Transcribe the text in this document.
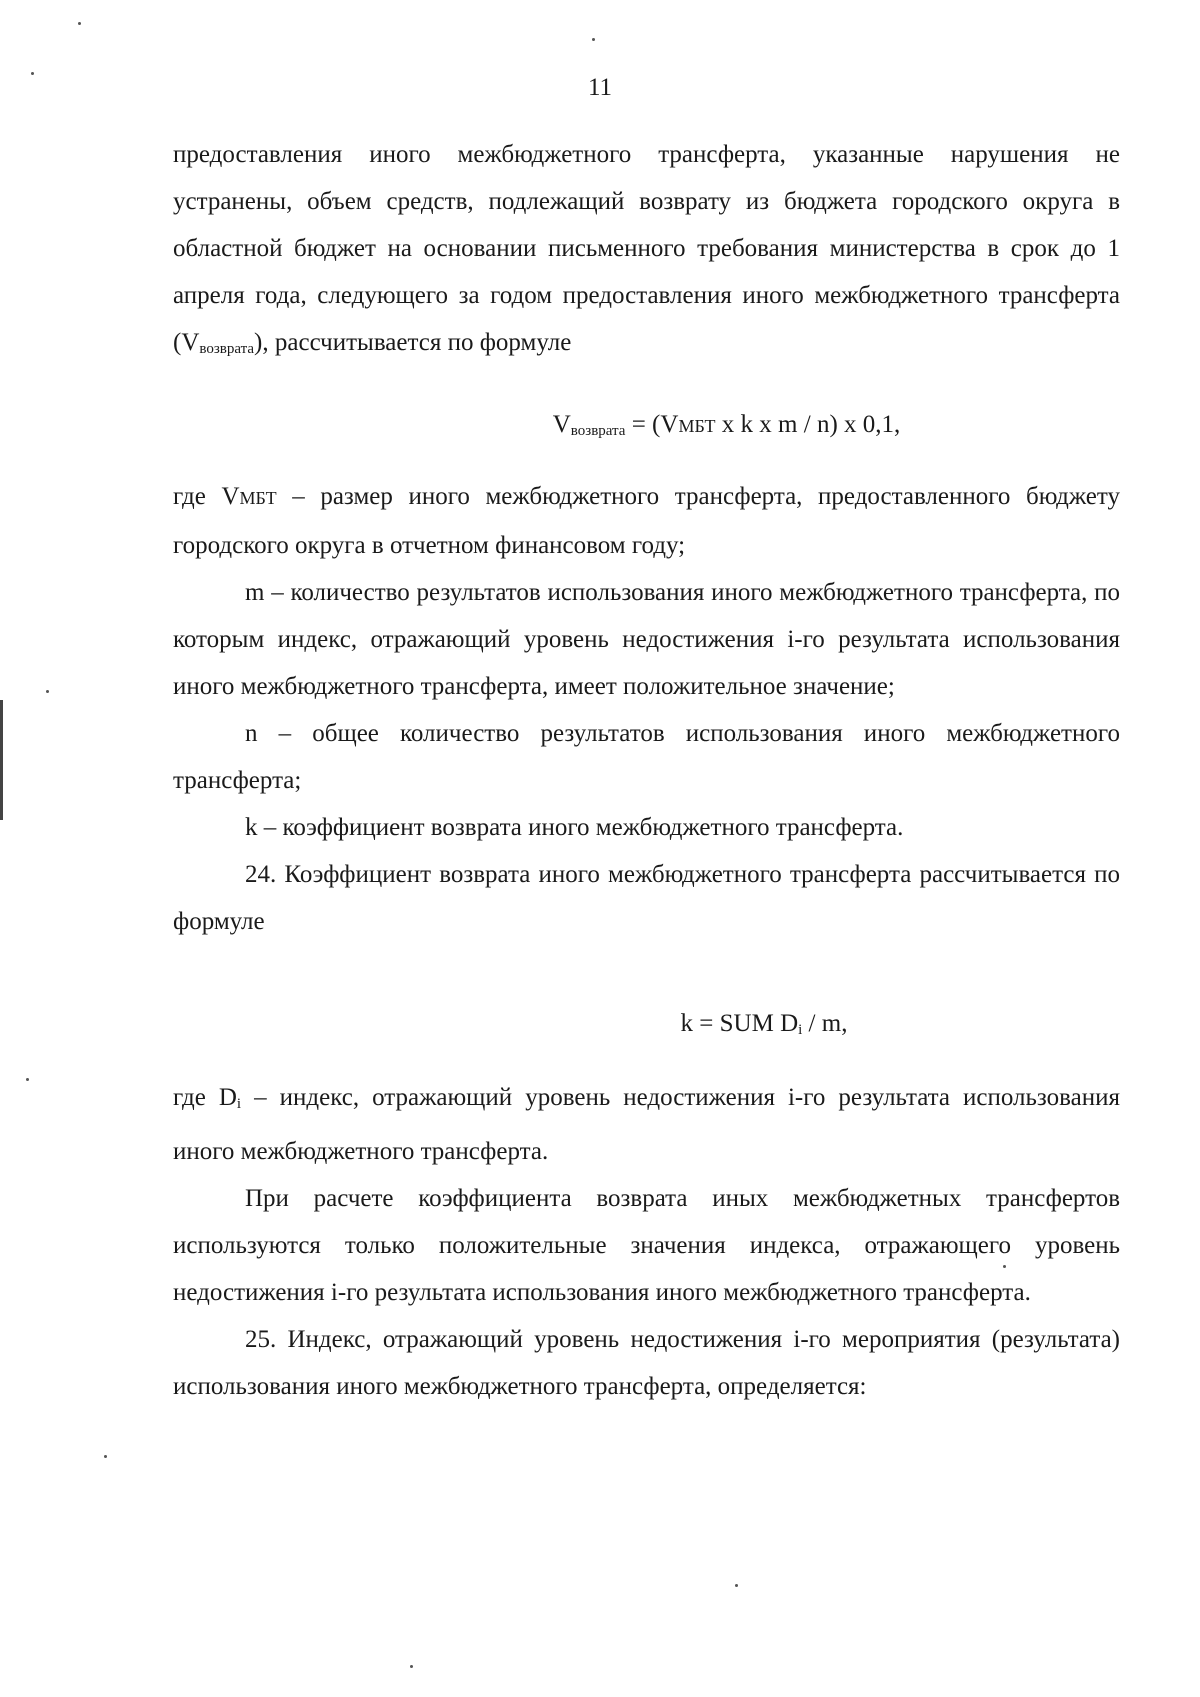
11

предоставления иного межбюджетного трансферта, указанные нарушения не устранены, объем средств, подлежащий возврату из бюджета городского округа в областной бюджет на основании письменного требования министерства в срок до 1 апреля года, следующего за годом предоставления иного межбюджетного трансферта $(V_{возврата})$, рассчитывается по формуле

$V_{возврата}$ = (VМБТ x k x m / n) x 0,1,

где VМБТ – размер иного межбюджетного трансферта, предоставленного бюджету городского округа в отчетном финансовом году;

m – количество результатов использования иного межбюджетного трансферта, по которым индекс, отражающий уровень недостижения i-го результата использования иного межбюджетного трансферта, имеет положительное значение;

n – общее количество результатов использования иного межбюджетного трансферта;

k – коэффициент возврата иного межбюджетного трансферта.

24. Коэффициент возврата иного межбюджетного трансферта рассчитывается по формуле

k = SUM $D_i$ / m,

где $D_i$ – индекс, отражающий уровень недостижения i-го результата использования иного межбюджетного трансферта.

При расчете коэффициента возврата иных межбюджетных трансфертов используются только положительные значения индекса, отражающего уровень недостижения i-го результата использования иного межбюджетного трансферта.

25. Индекс, отражающий уровень недостижения i-го мероприятия (результата) использования иного межбюджетного трансферта, определяется:
